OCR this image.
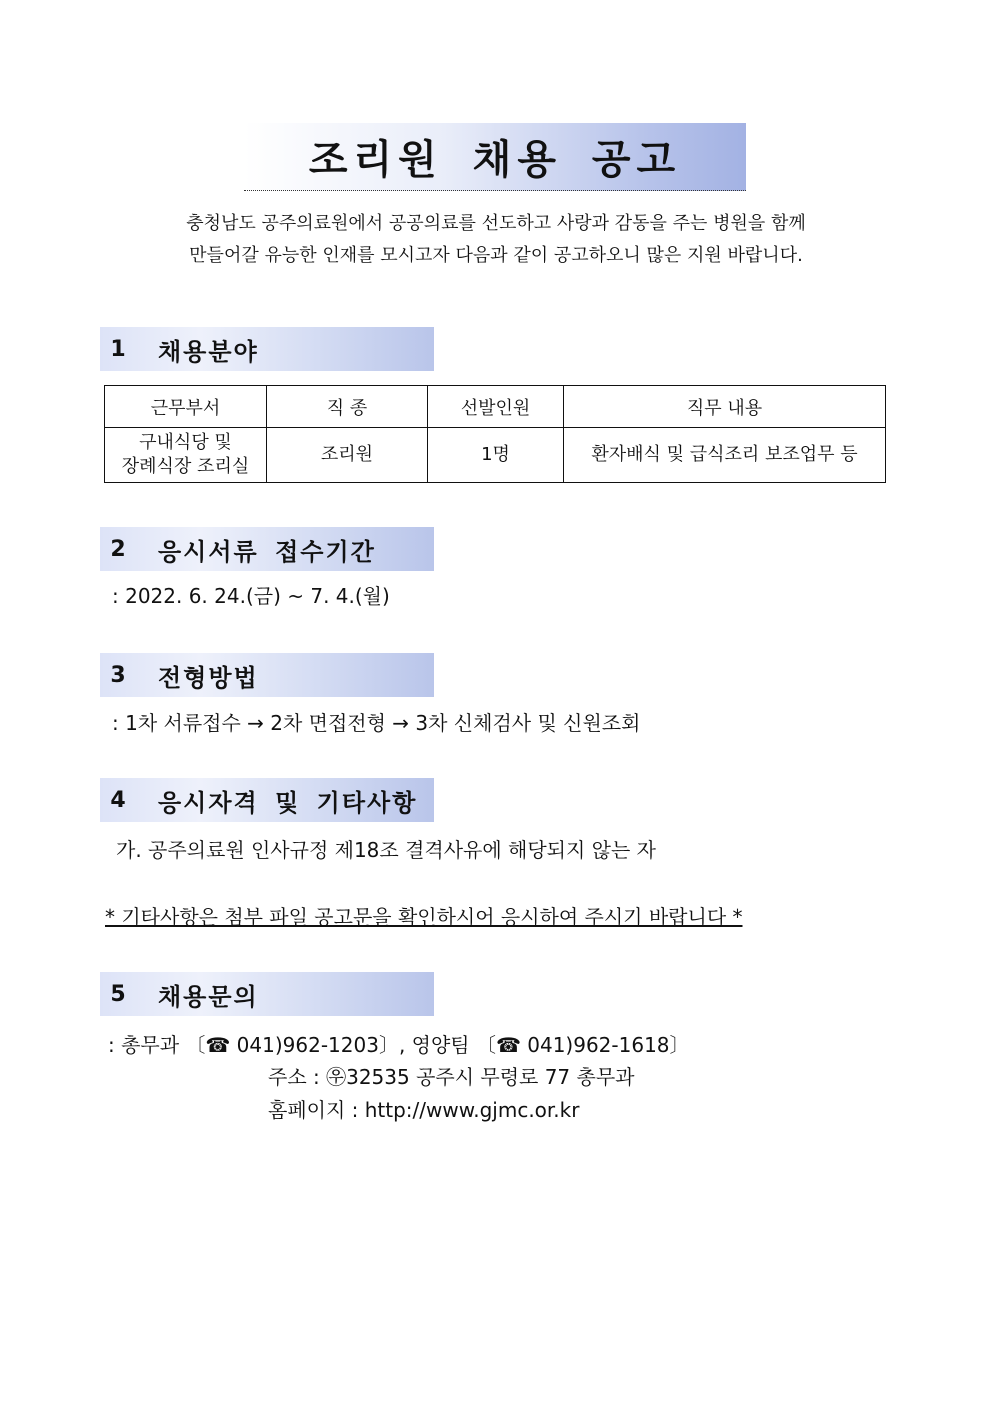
조리원 채용 공고
충청남도 공주의료원에서 공공의료를 선도하고 사랑과 감동을 주는 병원을 함께
만들어갈 유능한 인재를 모시고자 다음과 같이 공고하오니 많은 지원 바랍니다.
1	채용분야
근무부서	직 종	선발인원	직무 내용

구내식당 및
장례식장 조리실	조리원	1명	환자배식 및 급식조리 보조업무 등
2	응시서류 접수기간
: 2022. 6. 24.(금) ~ 7. 4.(월)
3	전형방법
: 1차 서류접수 → 2차 면접전형 → 3차 신체검사 및 신원조회
4	응시자격 및 기타사항
가. 공주의료원 인사규정 제18조 결격사유에 해당되지 않는 자
* 기타사항은 첨부 파일 공고문을 확인하시어 응시하여 주시기 바랍니다 *
5	채용문의
: 총무과 〔☎ 041)962-1203〕, 영양팀 〔☎ 041)962-1618〕
주소 : ㉾32535 공주시 무령로 77 총무과
홈페이지 : http://www.gjmc.or.kr
